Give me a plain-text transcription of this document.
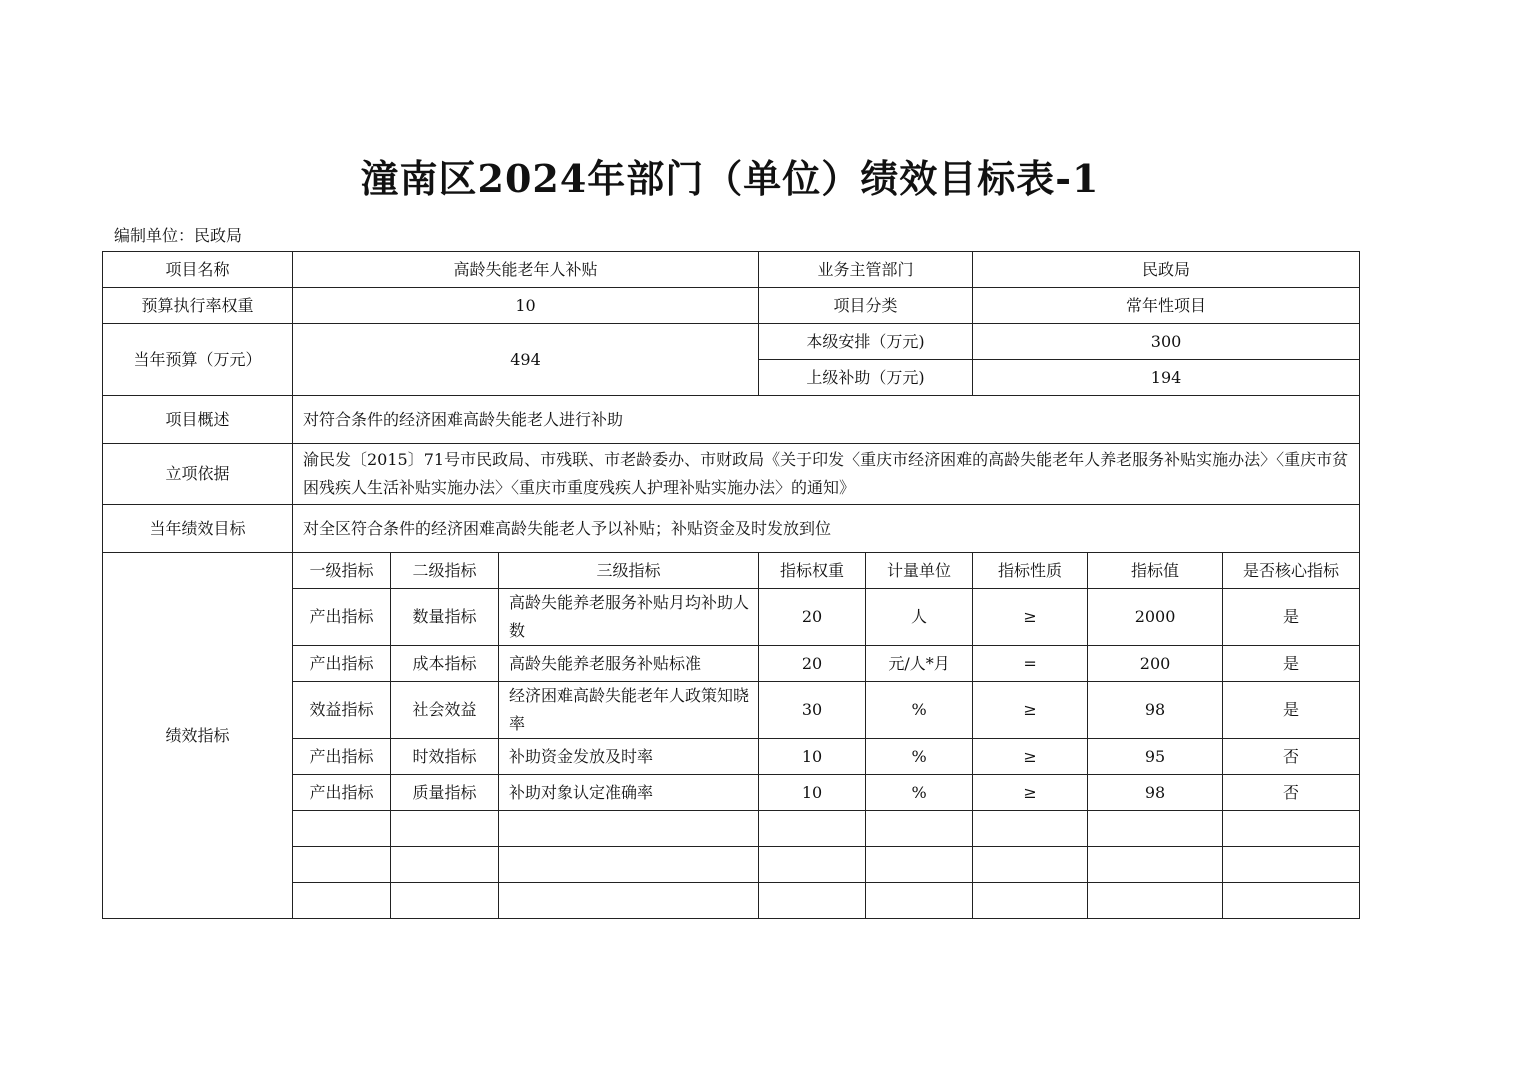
潼南区2024年部门（单位）绩效目标表-1
编制单位：民政局
项目名称	高龄失能老年人补贴			业务主管部门		民政局		
预算执行率权重	10			项目分类		常年性项目		
当年预算（万元）	494			本级安排（万元)		300		
				上级补助（万元)		194		
项目概述	对符合条件的经济困难高龄失能老人进行补助							
立项依据	渝民发〔2015〕71号市民政局、市残联、市老龄委办、市财政局《关于印发〈重庆市经济困难的高龄失能老年人养老服务补贴实施办法〉〈重庆市贫困残疾人生活补贴实施办法〉〈重庆市重度残疾人护理补贴实施办法〉的通知》							
当年绩效目标	对全区符合条件的经济困难高龄失能老人予以补贴；补贴资金及时发放到位							
绩效指标	一级指标	二级指标	三级指标	指标权重	计量单位	指标性质	指标值	是否核心指标
	产出指标	数量指标	高龄失能养老服务补贴月均补助人数	20	人	≥	2000	是
	产出指标	成本指标	高龄失能养老服务补贴标准	20	元/人*月	=	200	是
	效益指标	社会效益	经济困难高龄失能老年人政策知晓率	30	%	≥	98	是
	产出指标	时效指标	补助资金发放及时率	10	%	≥	95	否
	产出指标	质量指标	补助对象认定准确率	10	%	≥	98	否
